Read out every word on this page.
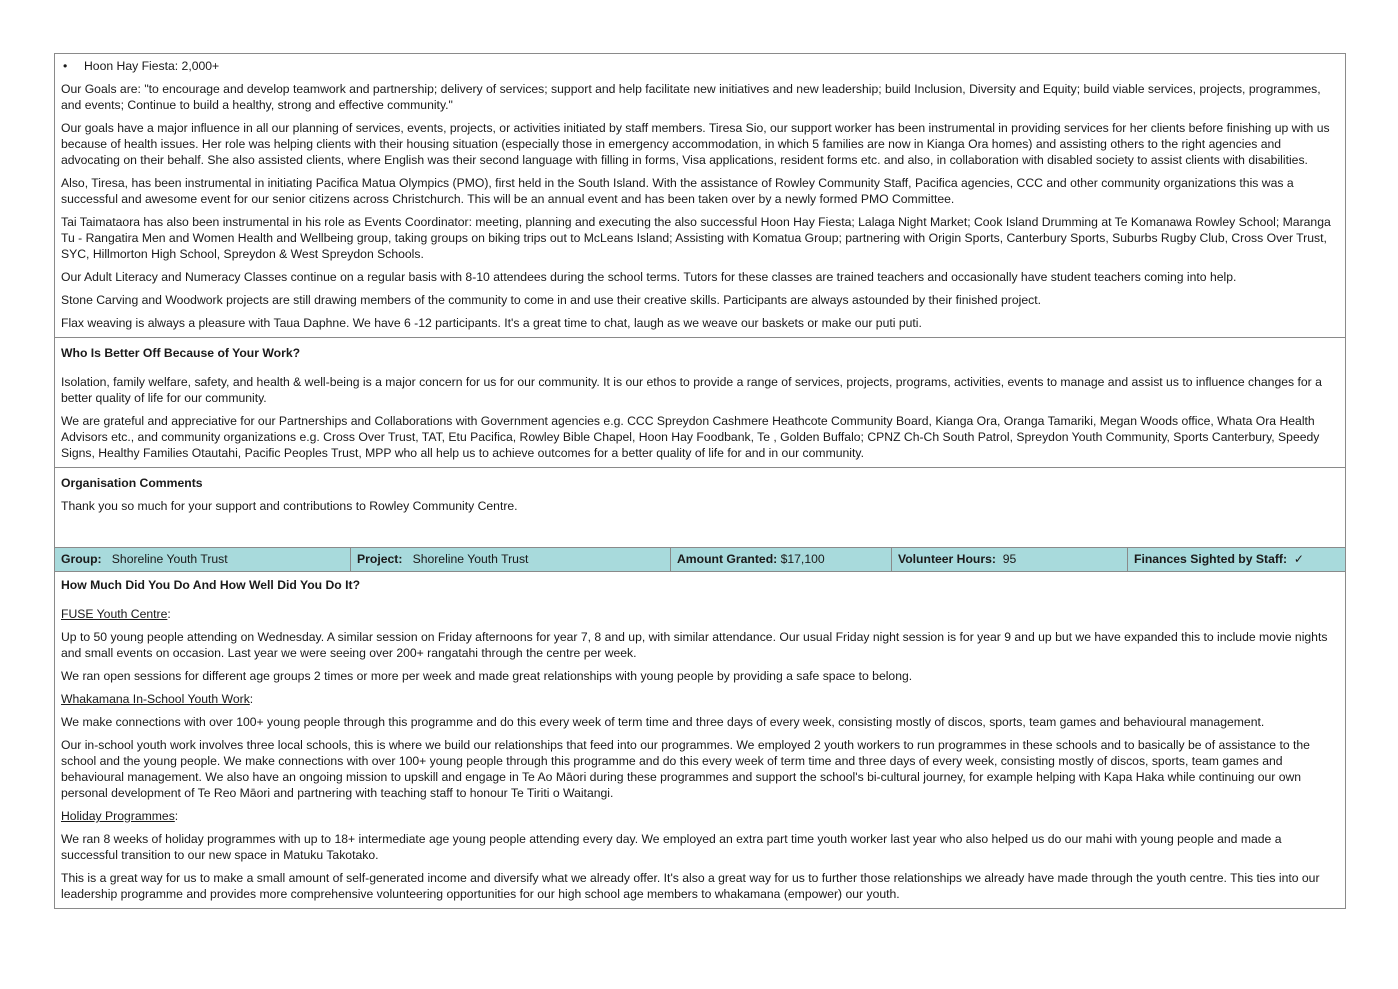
•	Hoon Hay Fiesta: 2,000+

Our Goals are: "to encourage and develop teamwork and partnership; delivery of services; support and help facilitate new initiatives and new leadership; build Inclusion, Diversity and Equity; build viable services, projects, programmes, and events; Continue to build a healthy, strong and effective community."

Our goals have a major influence in all our planning of services, events, projects, or activities initiated by staff members. Tiresa Sio, our support worker has been instrumental in providing services for her clients before finishing up with us because of health issues. Her role was helping clients with their housing situation (especially those in emergency accommodation, in which 5 families are now in Kianga Ora homes) and assisting others to the right agencies and advocating on their behalf. She also assisted clients, where English was their second language with filling in forms, Visa applications, resident forms etc. and also, in collaboration with disabled society to assist clients with disabilities.

Also, Tiresa, has been instrumental in initiating Pacifica Matua Olympics (PMO), first held in the South Island. With the assistance of Rowley Community Staff, Pacifica agencies, CCC and other community organizations this was a successful and awesome event for our senior citizens across Christchurch. This will be an annual event and has been taken over by a newly formed PMO Committee.

Tai Taimataora has also been instrumental in his role as Events Coordinator: meeting, planning and executing the also successful Hoon Hay Fiesta; Lalaga Night Market; Cook Island Drumming at Te Komanawa Rowley School; Maranga Tu - Rangatira Men and Women Health and Wellbeing group, taking groups on biking trips out to McLeans Island; Assisting with Komatua Group; partnering with Origin Sports, Canterbury Sports, Suburbs Rugby Club, Cross Over Trust, SYC, Hillmorton High School, Spreydon & West Spreydon Schools.

Our Adult Literacy and Numeracy Classes continue on a regular basis with 8-10 attendees during the school terms. Tutors for these classes are trained teachers and occasionally have student teachers coming into help.

Stone Carving and Woodwork projects are still drawing members of the community to come in and use their creative skills. Participants are always astounded by their finished project.

Flax weaving is always a pleasure with Taua Daphne. We have 6 -12 participants. It's a great time to chat, laugh as we weave our baskets or make our puti puti.

Who Is Better Off Because of Your Work?

Isolation, family welfare, safety, and health & well-being is a major concern for us for our community. It is our ethos to provide a range of services, projects, programs, activities, events to manage and assist us to influence changes for a better quality of life for our community.

We are grateful and appreciative for our Partnerships and Collaborations with Government agencies e.g. CCC Spreydon Cashmere Heathcote Community Board, Kianga Ora, Oranga Tamariki, Megan Woods office, Whata Ora Health Advisors etc., and community organizations e.g. Cross Over Trust, TAT, Etu Pacifica, Rowley Bible Chapel, Hoon Hay Foodbank, Te , Golden Buffalo; CPNZ Ch-Ch South Patrol, Spreydon Youth Community, Sports Canterbury, Speedy Signs, Healthy Families Otautahi, Pacific Peoples Trust, MPP who all help us to achieve outcomes for a better quality of life for and in our community.

Organisation Comments

Thank you so much for your support and contributions to Rowley Community Centre.

Group: Shoreline Youth Trust	Project: Shoreline Youth Trust	Amount Granted: $17,100	Volunteer Hours: 95	Finances Sighted by Staff: ✓
How Much Did You Do And How Well Did You Do It?

FUSE Youth Centre:

Up to 50 young people attending on Wednesday. A similar session on Friday afternoons for year 7, 8 and up, with similar attendance. Our usual Friday night session is for year 9 and up but we have expanded this to include movie nights and small events on occasion. Last year we were seeing over 200+ rangatahi through the centre per week.

We ran open sessions for different age groups 2 times or more per week and made great relationships with young people by providing a safe space to belong.

Whakamana In-School Youth Work:

We make connections with over 100+ young people through this programme and do this every week of term time and three days of every week, consisting mostly of discos, sports, team games and behavioural management.

Our in-school youth work involves three local schools, this is where we build our relationships that feed into our programmes. We employed 2 youth workers to run programmes in these schools and to basically be of assistance to the school and the young people. We make connections with over 100+ young people through this programme and do this every week of term time and three days of every week, consisting mostly of discos, sports, team games and behavioural management. We also have an ongoing mission to upskill and engage in Te Ao Māori during these programmes and support the school's bi-cultural journey, for example helping with Kapa Haka while continuing our own personal development of Te Reo Māori and partnering with teaching staff to honour Te Tiriti o Waitangi.

Holiday Programmes:

We ran 8 weeks of holiday programmes with up to 18+ intermediate age young people attending every day. We employed an extra part time youth worker last year who also helped us do our mahi with young people and made a successful transition to our new space in Matuku Takotako.

This is a great way for us to make a small amount of self-generated income and diversify what we already offer. It's also a great way for us to further those relationships we already have made through the youth centre. This ties into our leadership programme and provides more comprehensive volunteering opportunities for our high school age members to whakamana (empower) our youth.
